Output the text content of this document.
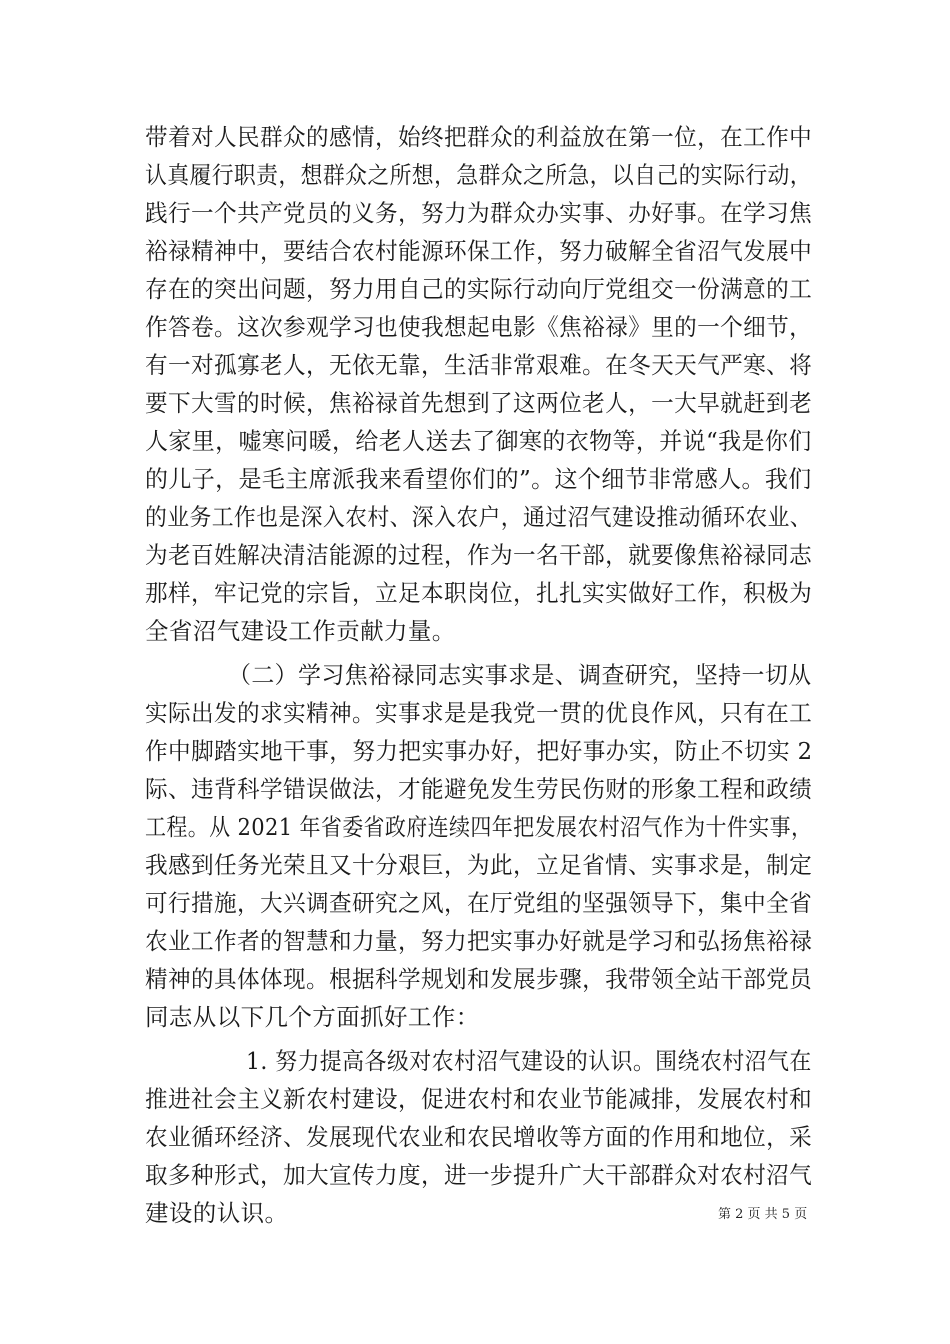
带着对人民群众的感情，始终把群众的利益放在第一位，在工作中
认真履行职责，想群众之所想，急群众之所急，以自己的实际行动，
践行一个共产党员的义务，努力为群众办实事、办好事。在学习焦
裕禄精神中，要结合农村能源环保工作，努力破解全省沼气发展中
存在的突出问题，努力用自己的实际行动向厅党组交一份满意的工
作答卷。这次参观学习也使我想起电影《焦裕禄》里的一个细节，
有一对孤寡老人，无依无靠，生活非常艰难。在冬天天气严寒、将
要下大雪的时候，焦裕禄首先想到了这两位老人，一大早就赶到老
人家里，嘘寒问暖，给老人送去了御寒的衣物等，并说“我是你们
的儿子，是毛主席派我来看望你们的”。这个细节非常感人。我们
的业务工作也是深入农村、深入农户，通过沼气建设推动循环农业、
为老百姓解决清洁能源的过程，作为一名干部，就要像焦裕禄同志
那样，牢记党的宗旨，立足本职岗位，扎扎实实做好工作，积极为
全省沼气建设工作贡献力量。
（二）学习焦裕禄同志实事求是、调查研究，坚持一切从
实际出发的求实精神。实事求是是我党一贯的优良作风，只有在工
作中脚踏实地干事，努力把实事办好，把好事办实，防止不切实 2
际、违背科学错误做法，才能避免发生劳民伤财的形象工程和政绩
工程。从 2021 年省委省政府连续四年把发展农村沼气作为十件实事，
我感到任务光荣且又十分艰巨，为此，立足省情、实事求是，制定
可行措施，大兴调查研究之风，在厅党组的坚强领导下，集中全省
农业工作者的智慧和力量，努力把实事办好就是学习和弘扬焦裕禄
精神的具体体现。根据科学规划和发展步骤，我带领全站干部党员
同志从以下几个方面抓好工作：
1. 努力提高各级对农村沼气建设的认识。围绕农村沼气在
推进社会主义新农村建设，促进农村和农业节能减排，发展农村和
农业循环经济、发展现代农业和农民增收等方面的作用和地位，采
取多种形式，加大宣传力度，进一步提升广大干部群众对农村沼气
建设的认识。	第 2 页 共 5 页
